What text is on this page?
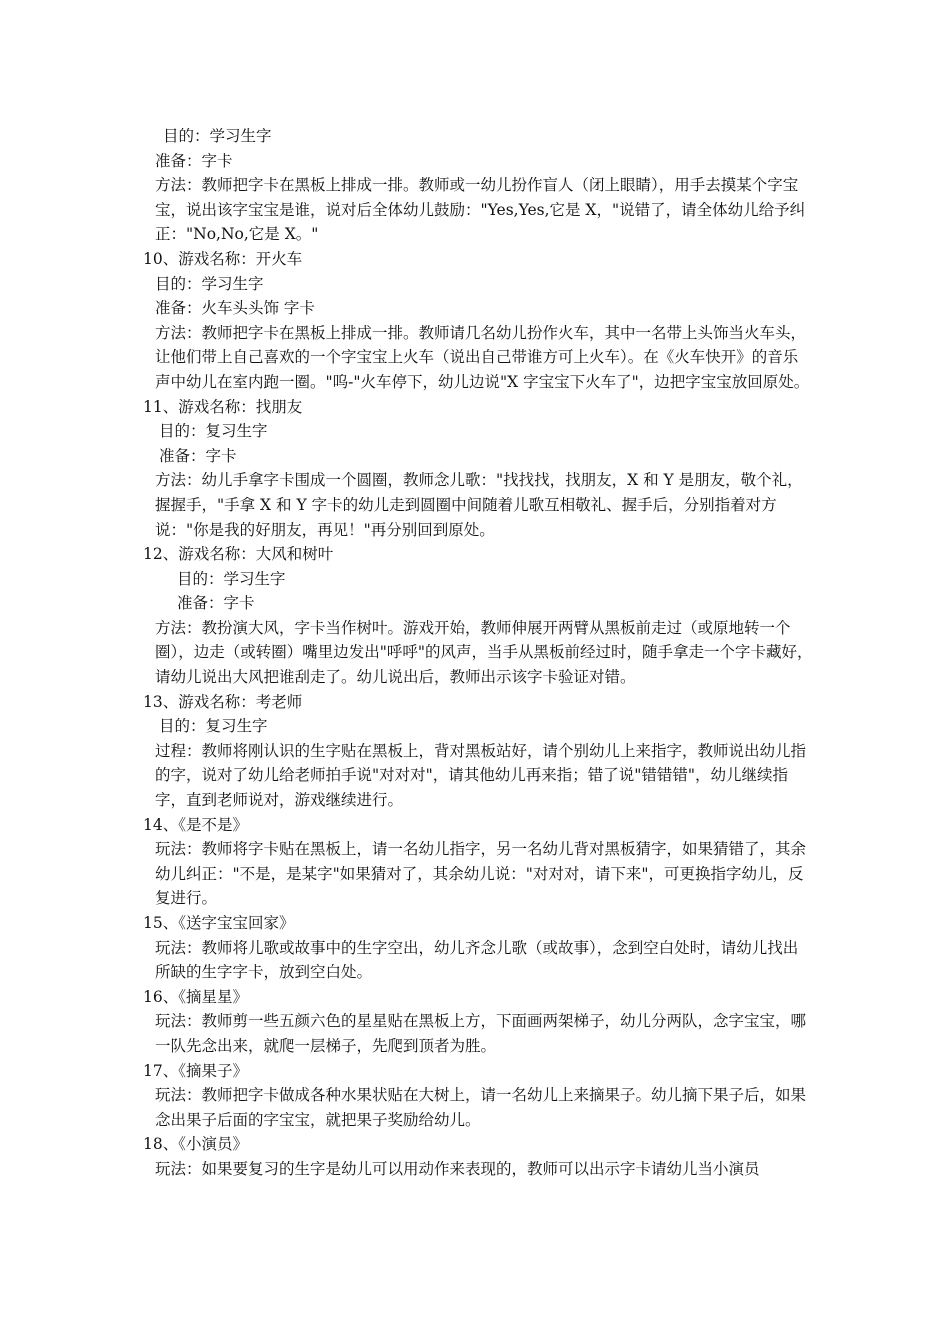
目的：学习生字
准备：字卡
方法：教师把字卡在黑板上排成一排。教师或一幼儿扮作盲人（闭上眼睛），用手去摸某个字宝宝，说出该字宝宝是谁，说对后全体幼儿鼓励："Yes,Yes,它是 X，"说错了，请全体幼儿给予纠正："No,No,它是 X。"
10、游戏名称：开火车
目的：学习生字
准备：火车头头饰 字卡
方法：教师把字卡在黑板上排成一排。教师请几名幼儿扮作火车，其中一名带上头饰当火车头，让他们带上自己喜欢的一个字宝宝上火车（说出自己带谁方可上火车）。在《火车快开》的音乐声中幼儿在室内跑一圈。"呜-"火车停下，幼儿边说"X 字宝宝下火车了"，边把字宝宝放回原处。
11、游戏名称：找朋友
目的：复习生字
准备：字卡
方法：幼儿手拿字卡围成一个圆圈，教师念儿歌："找找找，找朋友，X 和 Y 是朋友，敬个礼，握握手，"手拿 X 和 Y 字卡的幼儿走到圆圈中间随着儿歌互相敬礼、握手后，分别指着对方说："你是我的好朋友，再见！"再分别回到原处。
12、游戏名称：大风和树叶
目的：学习生字
准备：字卡
方法：教扮演大风，字卡当作树叶。游戏开始，教师伸展开两臂从黑板前走过（或原地转一个圈），边走（或转圈）嘴里边发出"呼呼"的风声，当手从黑板前经过时，随手拿走一个字卡藏好，请幼儿说出大风把谁刮走了。幼儿说出后，教师出示该字卡验证对错。
13、游戏名称：考老师
目的：复习生字
过程：教师将刚认识的生字贴在黑板上，背对黑板站好，请个别幼儿上来指字，教师说出幼儿指的字，说对了幼儿给老师拍手说"对对对"，请其他幼儿再来指；错了说"错错错"，幼儿继续指字，直到老师说对，游戏继续进行。
14、《是不是》
玩法：教师将字卡贴在黑板上，请一名幼儿指字，另一名幼儿背对黑板猜字，如果猜错了，其余幼儿纠正："不是，是某字"如果猜对了，其余幼儿说："对对对，请下来"，可更换指字幼儿，反复进行。
15、《送字宝宝回家》
玩法：教师将儿歌或故事中的生字空出，幼儿齐念儿歌（或故事），念到空白处时，请幼儿找出所缺的生字字卡，放到空白处。
16、《摘星星》
玩法：教师剪一些五颜六色的星星贴在黑板上方，下面画两架梯子，幼儿分两队，念字宝宝，哪一队先念出来，就爬一层梯子，先爬到顶者为胜。
17、《摘果子》
玩法：教师把字卡做成各种水果状贴在大树上，请一名幼儿上来摘果子。幼儿摘下果子后，如果念出果子后面的字宝宝，就把果子奖励给幼儿。
18、《小演员》
玩法：如果要复习的生字是幼儿可以用动作来表现的，教师可以出示字卡请幼儿当小演员
